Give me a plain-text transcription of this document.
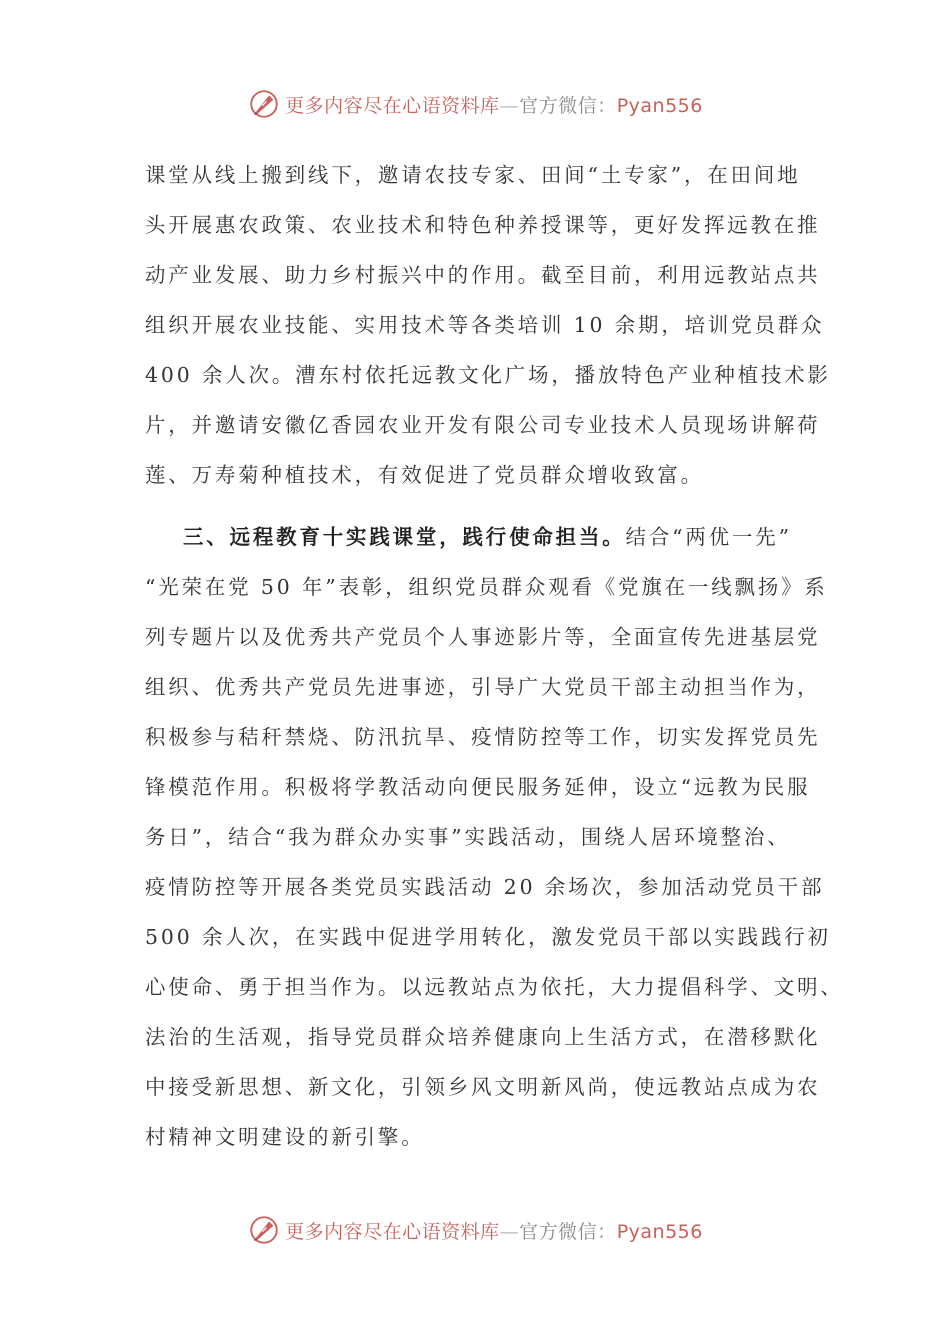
更多内容尽在心语资料库—官方微信：Pyan556
课堂从线上搬到线下，邀请农技专家、田间“土专家”，在田间地
头开展惠农政策、农业技术和特色种养授课等，更好发挥远教在推
动产业发展、助力乡村振兴中的作用。截至目前，利用远教站点共
组织开展农业技能、实用技术等各类培训 10 余期，培训党员群众
400 余人次。漕东村依托远教文化广场，播放特色产业种植技术影
片，并邀请安徽亿香园农业开发有限公司专业技术人员现场讲解荷
莲、万寿菊种植技术，有效促进了党员群众增收致富。
三、远程教育十实践课堂，践行使命担当。结合“两优一先”
“光荣在党 50 年”表彰，组织党员群众观看《党旗在一线飘扬》系
列专题片以及优秀共产党员个人事迹影片等，全面宣传先进基层党
组织、优秀共产党员先进事迹，引导广大党员干部主动担当作为，
积极参与秸秆禁烧、防汛抗旱、疫情防控等工作，切实发挥党员先
锋模范作用。积极将学教活动向便民服务延伸，设立“远教为民服
务日”，结合“我为群众办实事”实践活动，围绕人居环境整治、
疫情防控等开展各类党员实践活动 20 余场次，参加活动党员干部
500 余人次，在实践中促进学用转化，激发党员干部以实践践行初
心使命、勇于担当作为。以远教站点为依托，大力提倡科学、文明、
法治的生活观，指导党员群众培养健康向上生活方式，在潜移默化
中接受新思想、新文化，引领乡风文明新风尚，使远教站点成为农
村精神文明建设的新引擎。
更多内容尽在心语资料库—官方微信：Pyan556
